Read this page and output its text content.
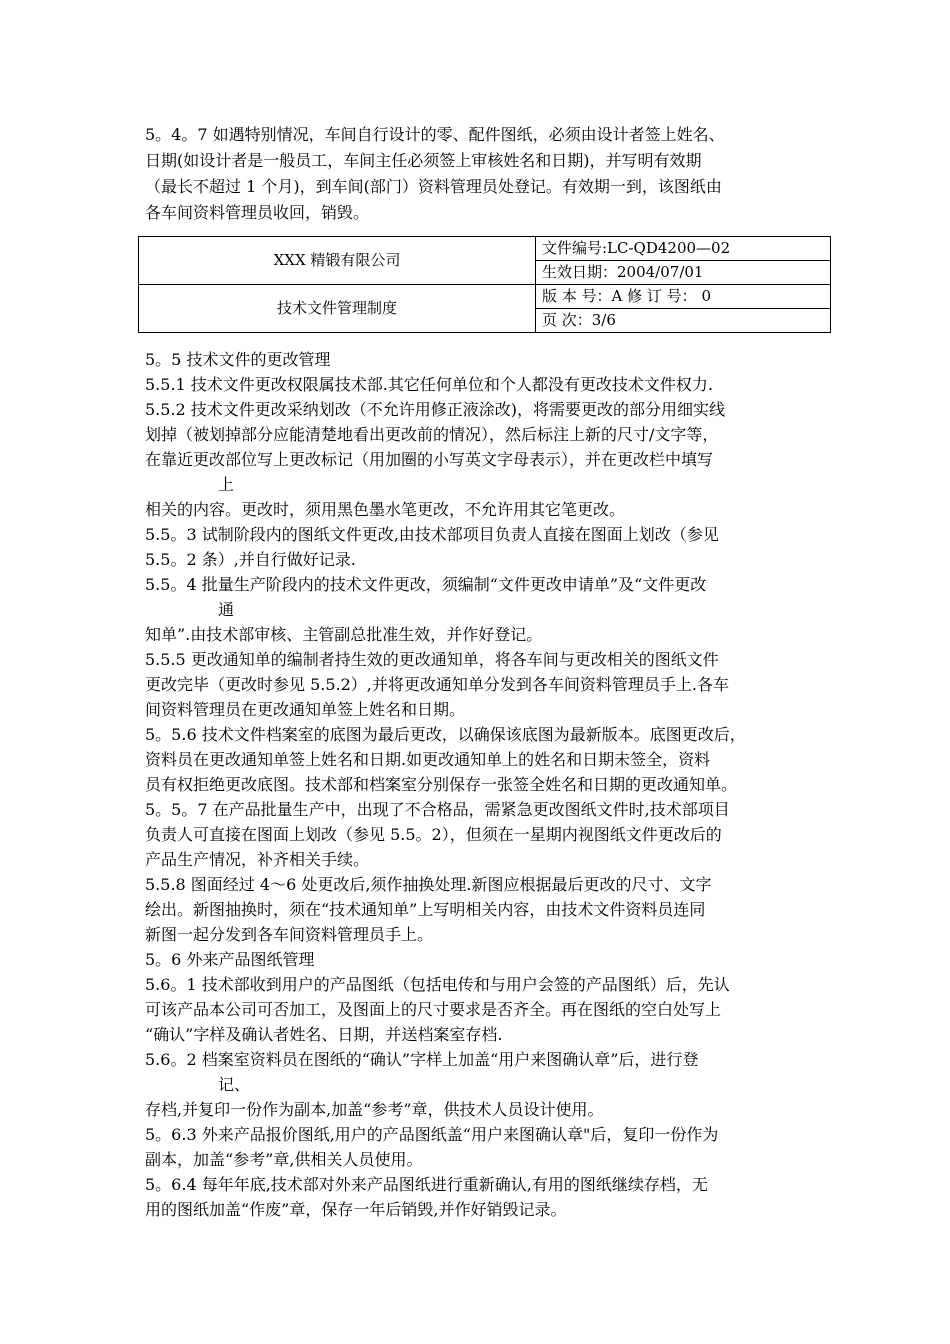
5。4。7 如遇特别情况，车间自行设计的零、配件图纸，必须由设计者签上姓名、

日期(如设计者是一般员工，车间主任必须签上审核姓名和日期)，并写明有效期

（最长不超过 1 个月)，到车间(部门）资料管理员处登记。有效期一到，该图纸由

各车间资料管理员收回，销毁。

XXX 精锻有限公司	文件编号:LC-QD4200—02
	生效日期：2004/07/01
技术文件管理制度	版 本 号：A 修 订 号： 0
	页 次：3/6

5。5 技术文件的更改管理

5.5.1 技术文件更改权限属技术部.其它任何单位和个人都没有更改技术文件权力.

5.5.2 技术文件更改采纳划改（不允许用修正液涂改)，将需要更改的部分用细实线

划掉（被划掉部分应能清楚地看出更改前的情况），然后标注上新的尺寸/文字等，

在靠近更改部位写上更改标记（用加圈的小写英文字母表示），并在更改栏中填写

上

相关的内容。更改时，须用黑色墨水笔更改，不允许用其它笔更改。

5.5。3 试制阶段内的图纸文件更改,由技术部项目负责人直接在图面上划改（参见

5.5。2 条）,并自行做好记录.

5.5。4 批量生产阶段内的技术文件更改，须编制“文件更改申请单”及“文件更改

通

知单”.由技术部审核、主管副总批准生效，并作好登记。

5.5.5 更改通知单的编制者持生效的更改通知单，将各车间与更改相关的图纸文件

更改完毕（更改时参见 5.5.2）,并将更改通知单分发到各车间资料管理员手上.各车

间资料管理员在更改通知单签上姓名和日期。

5。5.6 技术文件档案室的底图为最后更改，以确保该底图为最新版本。底图更改后，

资料员在更改通知单签上姓名和日期.如更改通知单上的姓名和日期未签全，资料

员有权拒绝更改底图。技术部和档案室分别保存一张签全姓名和日期的更改通知单。

5。5。7 在产品批量生产中，出现了不合格品，需紧急更改图纸文件时,技术部项目

负责人可直接在图面上划改（参见 5.5。2），但须在一星期内视图纸文件更改后的

产品生产情况，补齐相关手续。

5.5.8 图面经过 4～6 处更改后,须作抽换处理.新图应根据最后更改的尺寸、文字

绘出。新图抽换时，须在“技术通知单”上写明相关内容，由技术文件资料员连同

新图一起分发到各车间资料管理员手上。

5。6 外来产品图纸管理

5.6。1 技术部收到用户的产品图纸（包括电传和与用户会签的产品图纸）后，先认

可该产品本公司可否加工，及图面上的尺寸要求是否齐全。再在图纸的空白处写上

“确认”字样及确认者姓名、日期，并送档案室存档.

5.6。2 档案室资料员在图纸的“确认”字样上加盖“用户来图确认章”后，进行登

记、

存档,并复印一份作为副本,加盖“参考”章，供技术人员设计使用。

5。6.3 外来产品报价图纸,用户的产品图纸盖“用户来图确认章"后，复印一份作为

副本，加盖“参考”章,供相关人员使用。

5。6.4 每年年底,技术部对外来产品图纸进行重新确认,有用的图纸继续存档，无

用的图纸加盖“作废”章，保存一年后销毁,并作好销毁记录。
